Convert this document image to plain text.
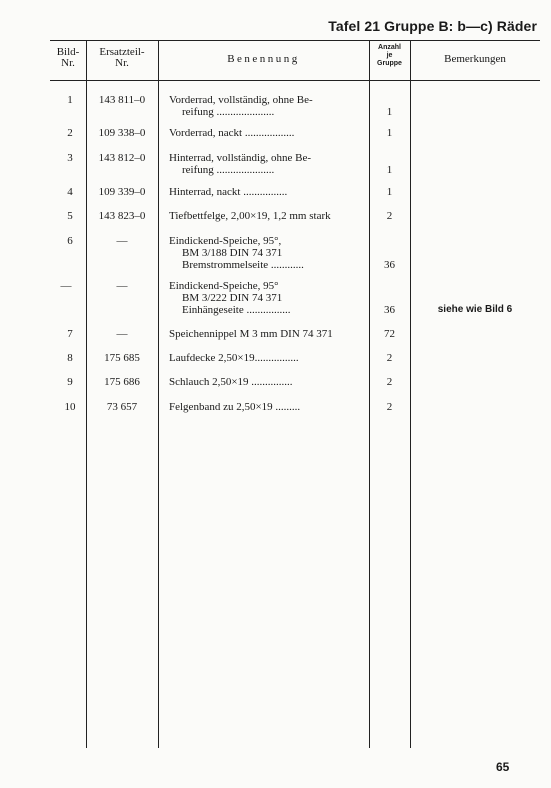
Tafel 21 Gruppe B: b—c) Räder
Bild-
Nr.
Ersatzteil-
Nr.	Benennung
Anzahl
je
Gruppe	Bemerkungen
1	143 811–0	Vorderrad, vollständig, ohne Be-
reifung .....................	1
2	109 338–0	Vorderrad, nackt ..................	1
3	143 812–0	Hinterrad, vollständig, ohne Be-
reifung .....................	1
4	109 339–0	Hinterrad, nackt ................	1
5	143 823–0	Tiefbettfelge, 2,00×19, 1,2 mm stark	2
6	—	Eindickend-Speiche, 95°,
BM 3/188 DIN 74 371
Bremstrommelseite ............	36
—	—	Eindickend-Speiche, 95°
BM 3/222 DIN 74 371
Einhängeseite ................	36	siehe wie Bild 6
7	—	Speichennippel M 3 mm DIN 74 371	72
8	175 685	Laufdecke 2,50×19................	2
9	175 686	Schlauch 2,50×19 ...............	2
10	73 657	Felgenband zu 2,50×19 .........	2
65
